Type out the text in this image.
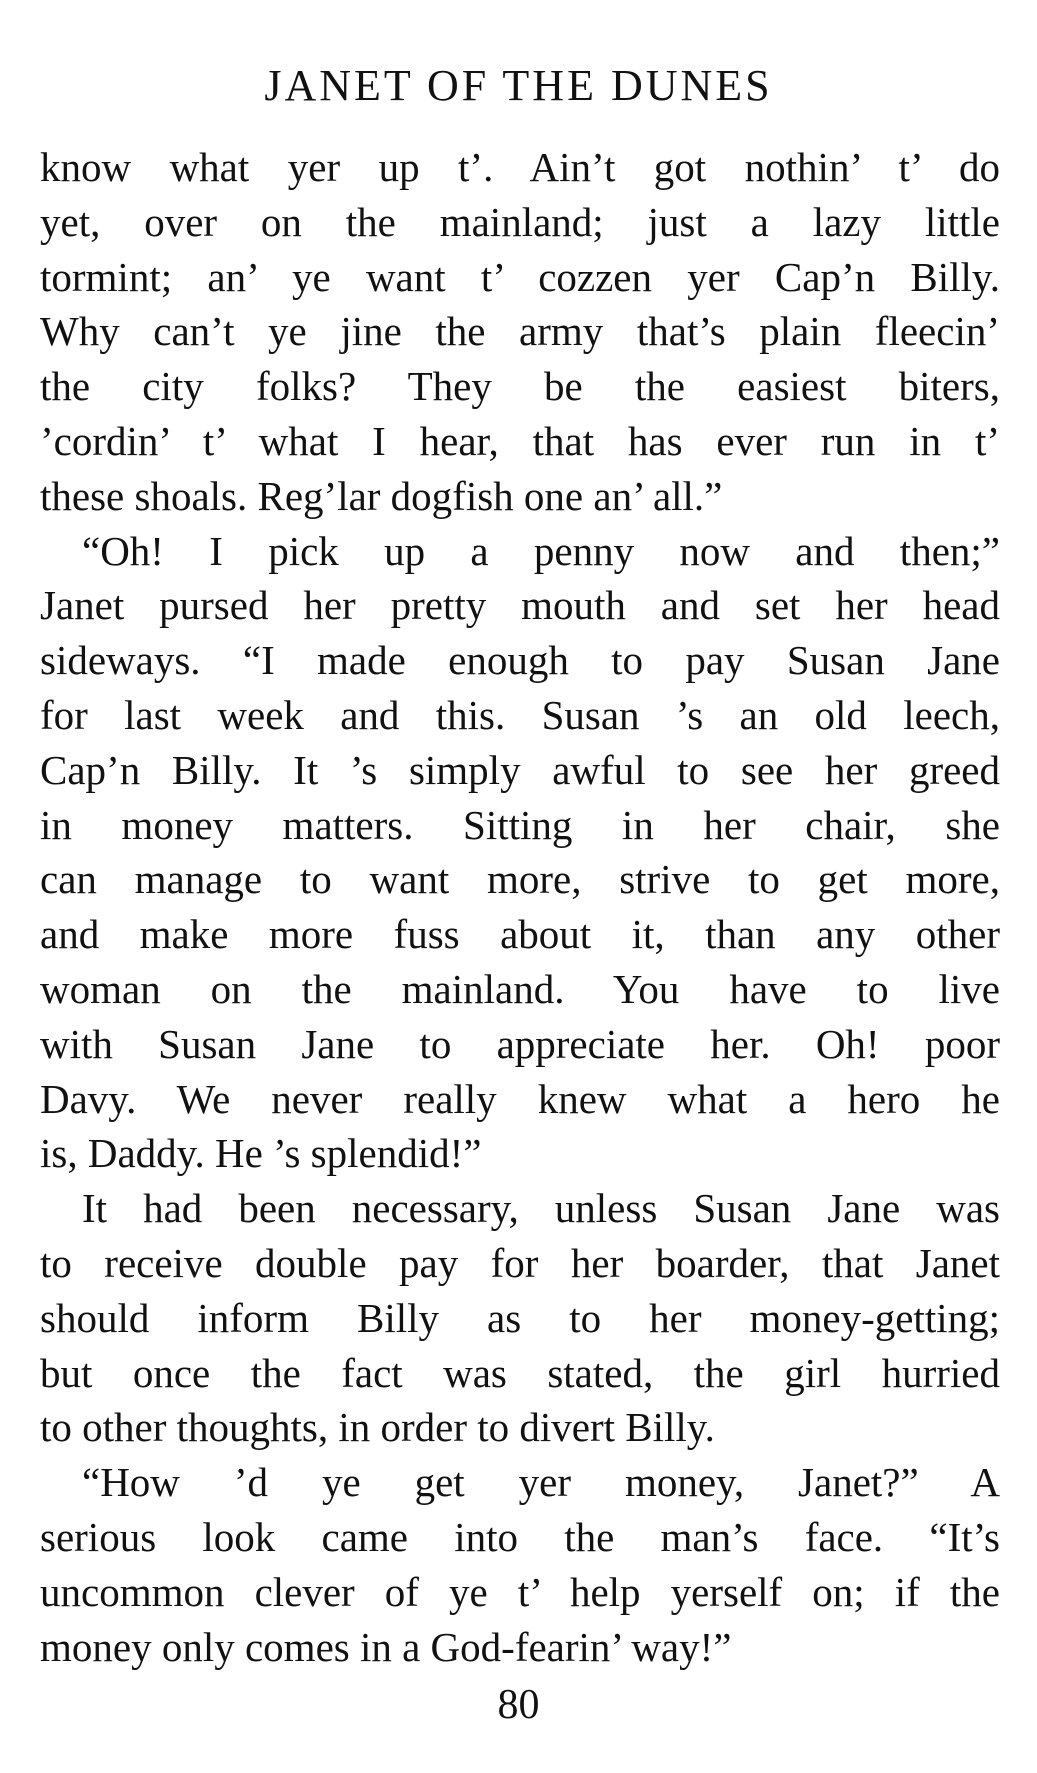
JANET OF THE DUNES
know what yer up t’. Ain’t got nothin’ t’ do
yet, over on the mainland; just a lazy little
tormint; an’ ye want t’ cozzen yer Cap’n Billy.
Why can’t ye jine the army that’s plain fleecin’
the city folks? They be the easiest biters,
’cordin’ t’ what I hear, that has ever run in t’
these shoals. Reg’lar dogfish one an’ all.”
“Oh! I pick up a penny now and then;”
Janet pursed her pretty mouth and set her head
sideways. “I made enough to pay Susan Jane
for last week and this. Susan ’s an old leech,
Cap’n Billy. It ’s simply awful to see her greed
in money matters. Sitting in her chair, she
can manage to want more, strive to get more,
and make more fuss about it, than any other
woman on the mainland. You have to live
with Susan Jane to appreciate her. Oh! poor
Davy. We never really knew what a hero he
is, Daddy. He ’s splendid!”
It had been necessary, unless Susan Jane was
to receive double pay for her boarder, that Janet
should inform Billy as to her money-getting;
but once the fact was stated, the girl hurried
to other thoughts, in order to divert Billy.
“How ’d ye get yer money, Janet?” A
serious look came into the man’s face. “It’s
uncommon clever of ye t’ help yerself on; if the
money only comes in a God-fearin’ way!”
80
